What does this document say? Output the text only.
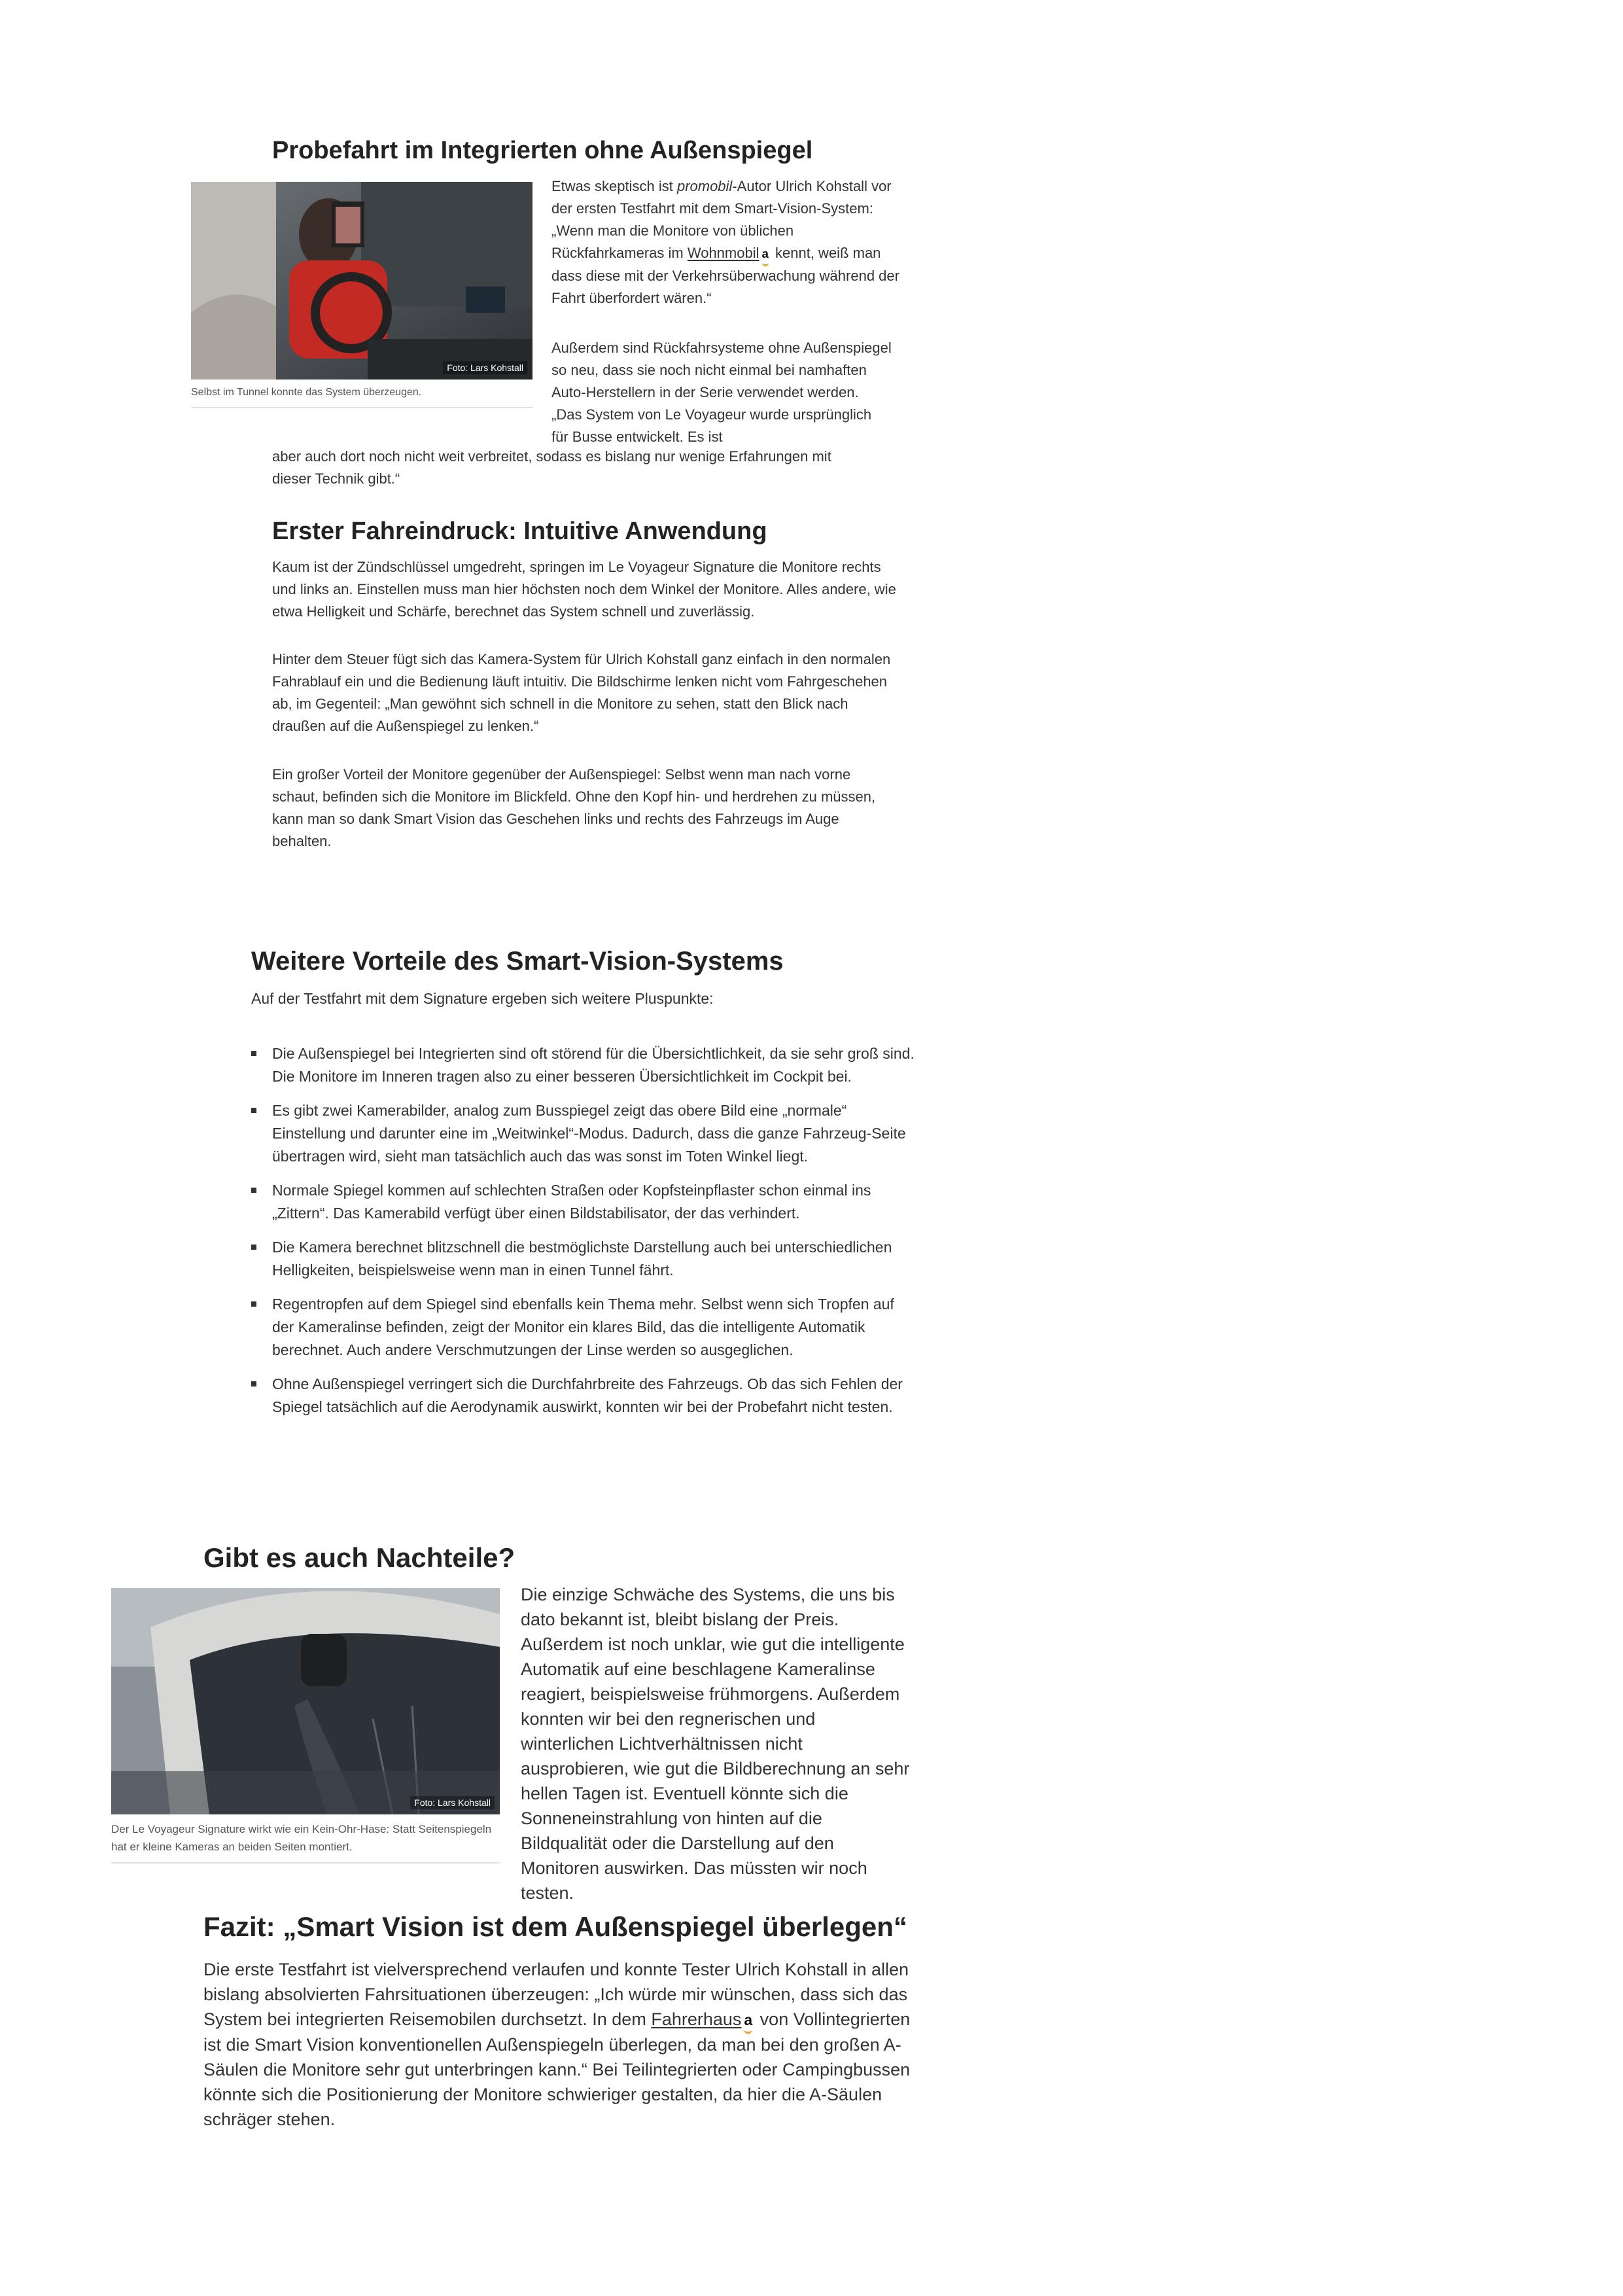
Probefahrt im Integrierten ohne Außenspiegel
Foto: Lars Kohstall
Selbst im Tunnel konnte das System überzeugen.

Etwas skeptisch ist promobil-Autor Ulrich Kohstall vor der ersten Testfahrt mit dem Smart-Vision-System: „Wenn man die Monitore von üblichen Rückfahrkameras im Wohnmobil a kennt, weiß man dass diese mit der Verkehrsüberwachung während der Fahrt überfordert wären.“

Außerdem sind Rückfahrsysteme ohne Außenspiegel so neu, dass sie noch nicht einmal bei namhaften Auto-Herstellern in der Serie verwendet werden. „Das System von Le Voyageur wurde ursprünglich für Busse entwickelt. Es ist

aber auch dort noch nicht weit verbreitet, sodass es bislang nur wenige Erfahrungen mit dieser Technik gibt.“

Erster Fahreindruck: Intuitive Anwendung

Kaum ist der Zündschlüssel umgedreht, springen im Le Voyageur Signature die Monitore rechts und links an. Einstellen muss man hier höchsten noch dem Winkel der Monitore. Alles andere, wie etwa Helligkeit und Schärfe, berechnet das System schnell und zuverlässig.

Hinter dem Steuer fügt sich das Kamera-System für Ulrich Kohstall ganz einfach in den normalen Fahrablauf ein und die Bedienung läuft intuitiv. Die Bildschirme lenken nicht vom Fahrgeschehen ab, im Gegenteil: „Man gewöhnt sich schnell in die Monitore zu sehen, statt den Blick nach draußen auf die Außenspiegel zu lenken.“

Ein großer Vorteil der Monitore gegenüber der Außenspiegel: Selbst wenn man nach vorne schaut, befinden sich die Monitore im Blickfeld. Ohne den Kopf hin- und herdrehen zu müssen, kann man so dank Smart Vision das Geschehen links und rechts des Fahrzeugs im Auge behalten.

Weitere Vorteile des Smart-Vision-Systems

Auf der Testfahrt mit dem Signature ergeben sich weitere Pluspunkte:

Die Außenspiegel bei Integrierten sind oft störend für die Übersichtlichkeit, da sie sehr groß sind. Die Monitore im Inneren tragen also zu einer besseren Übersichtlichkeit im Cockpit bei.
Es gibt zwei Kamerabilder, analog zum Busspiegel zeigt das obere Bild eine „normale“ Einstellung und darunter eine im „Weitwinkel“-Modus. Dadurch, dass die ganze Fahrzeug-Seite übertragen wird, sieht man tatsächlich auch das was sonst im Toten Winkel liegt.
Normale Spiegel kommen auf schlechten Straßen oder Kopfsteinpflaster schon einmal ins „Zittern“. Das Kamerabild verfügt über einen Bildstabilisator, der das verhindert.
Die Kamera berechnet blitzschnell die bestmöglichste Darstellung auch bei unterschiedlichen Helligkeiten, beispielsweise wenn man in einen Tunnel fährt.
Regentropfen auf dem Spiegel sind ebenfalls kein Thema mehr. Selbst wenn sich Tropfen auf der Kameralinse befinden, zeigt der Monitor ein klares Bild, das die intelligente Automatik berechnet. Auch andere Verschmutzungen der Linse werden so ausgeglichen.
Ohne Außenspiegel verringert sich die Durchfahrbreite des Fahrzeugs. Ob das sich Fehlen der Spiegel tatsächlich auf die Aerodynamik auswirkt, konnten wir bei der Probefahrt nicht testen.
Gibt es auch Nachteile?
Foto: Lars Kohstall
Der Le Voyageur Signature wirkt wie ein Kein-Ohr-Hase: Statt Seitenspiegeln hat er kleine Kameras an beiden Seiten montiert.

Die einzige Schwäche des Systems, die uns bis dato bekannt ist, bleibt bislang der Preis. Außerdem ist noch unklar, wie gut die intelligente Automatik auf eine beschlagene Kameralinse reagiert, beispielsweise frühmorgens. Außerdem konnten wir bei den regnerischen und winterlichen Lichtverhältnissen nicht ausprobieren, wie gut die Bildberechnung an sehr hellen Tagen ist. Eventuell könnte sich die Sonneneinstrahlung von hinten auf die Bildqualität oder die Darstellung auf den Monitoren auswirken. Das müssten wir noch testen.

Fazit: „Smart Vision ist dem Außenspiegel überlegen“

Die erste Testfahrt ist vielversprechend verlaufen und konnte Tester Ulrich Kohstall in allen bislang absolvierten Fahrsituationen überzeugen: „Ich würde mir wünschen, dass sich das System bei integrierten Reisemobilen durchsetzt. In dem Fahrerhaus a von Vollintegrierten ist die Smart Vision konventionellen Außenspiegeln überlegen, da man bei den großen A-Säulen die Monitore sehr gut unterbringen kann.“ Bei Teilintegrierten oder Campingbussen könnte sich die Positionierung der Monitore schwieriger gestalten, da hier die A-Säulen schräger stehen.
